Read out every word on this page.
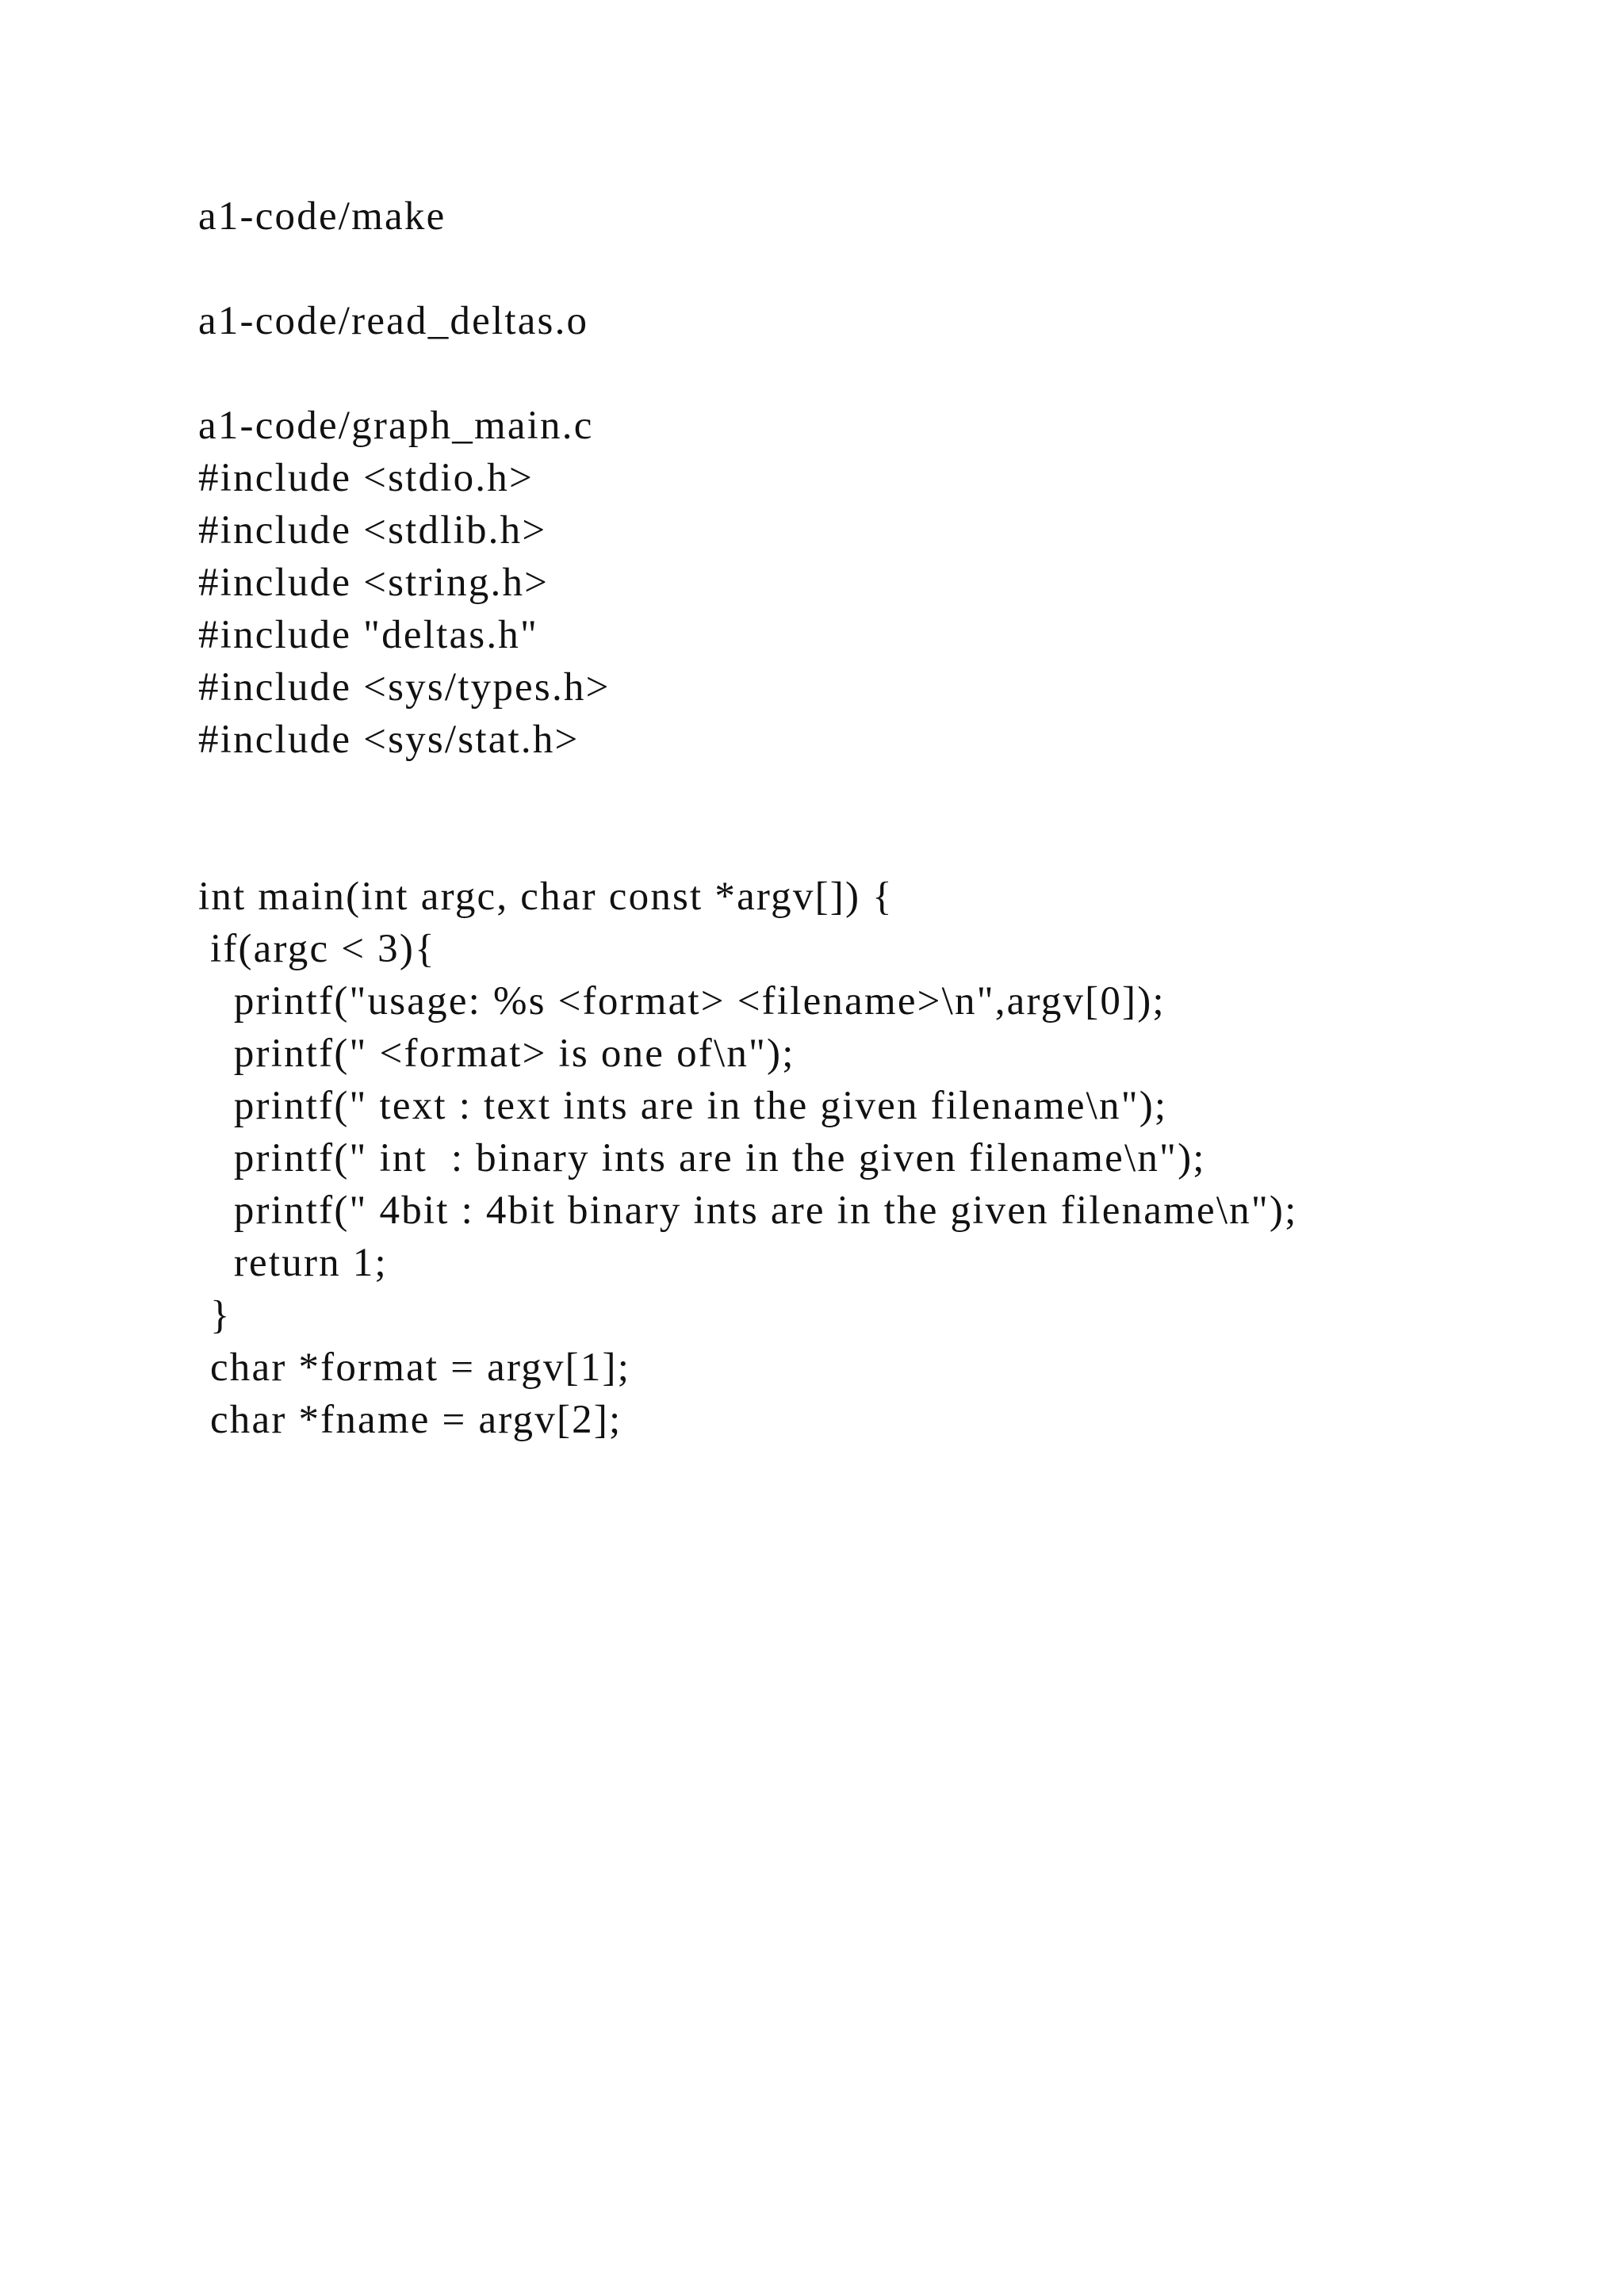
a1-code/make
a1-code/read_deltas.o
a1-code/graph_main.c
#include <stdio.h>
#include <stdlib.h>
#include <string.h>
#include "deltas.h"
#include <sys/types.h>
#include <sys/stat.h>
int main(int argc, char const *argv[]) {
if(argc < 3){
printf("usage: %s <format> <filename>\n",argv[0]);
printf(" <format> is one of\n");
printf(" text : text ints are in the given filename\n");
printf(" int  : binary ints are in the given filename\n");
printf(" 4bit : 4bit binary ints are in the given filename\n");
return 1;
}
char *format = argv[1];
char *fname = argv[2];
